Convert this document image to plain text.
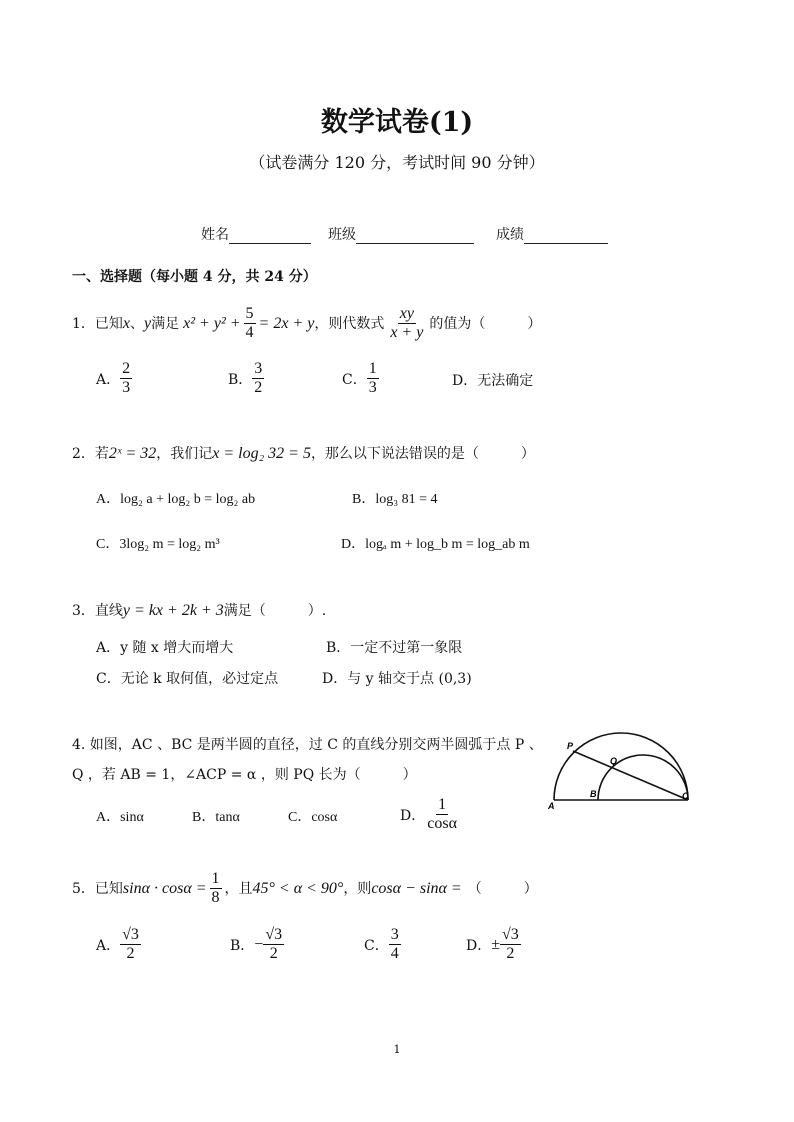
数学试卷(1)
（试卷满分 120 分，考试时间 90 分钟）
姓名	班级	成绩
一、选择题（每小题 4 分，共 24 分）
1．已知 x 、 y 满足 $x^2 + y^2 + \frac{5}{4} = 2x + y$ ，则代数式 $\frac{xy}{x + y}$ 的值为（　　　）
A． $\frac{2}{3}$	B． $\frac{3}{2}$	C． $\frac{1}{3}$	D．无法确定
2．若2ˣ = 32，我们记x = log₂ 32 = 5，那么以下说法错误的是（　　　）
A．log₂ a + log₂ b = log₂ ab	B．log₃ 81 = 4
C．3log₂ m = log₂ m³	D．logₐ m + log_b m = log_ab m
3．直线y = kx + 2k + 3满足（　　　）.
A．y 随 x 增大而增大	B．一定不过第一象限
C．无论 k 取何值，必过定点	D．与 y 轴交于点 (0,3)
4. 如图，AC 、BC 是两半圆的直径，过 C 的直线分别交两半圆弧于点 P 、
Q ，若 AB = 1，∠ACP = α ，则 PQ 长为（　　　）
A．sinα	B．tanα	C．cosα	D． $\frac{1}{\cos\alpha}$
P
Q
A
B	C
5．已知 $\sin\alpha \cdot \cos\alpha = \frac{1}{8}$ ，且 45° < α < 90° ，则 cosα − sinα = （　　　）
A． $\frac{√3}{2}$	B． − $\frac{√3}{2}$	C． $\frac{3}{4}$	D． ± $\frac{√3}{2}$
1
